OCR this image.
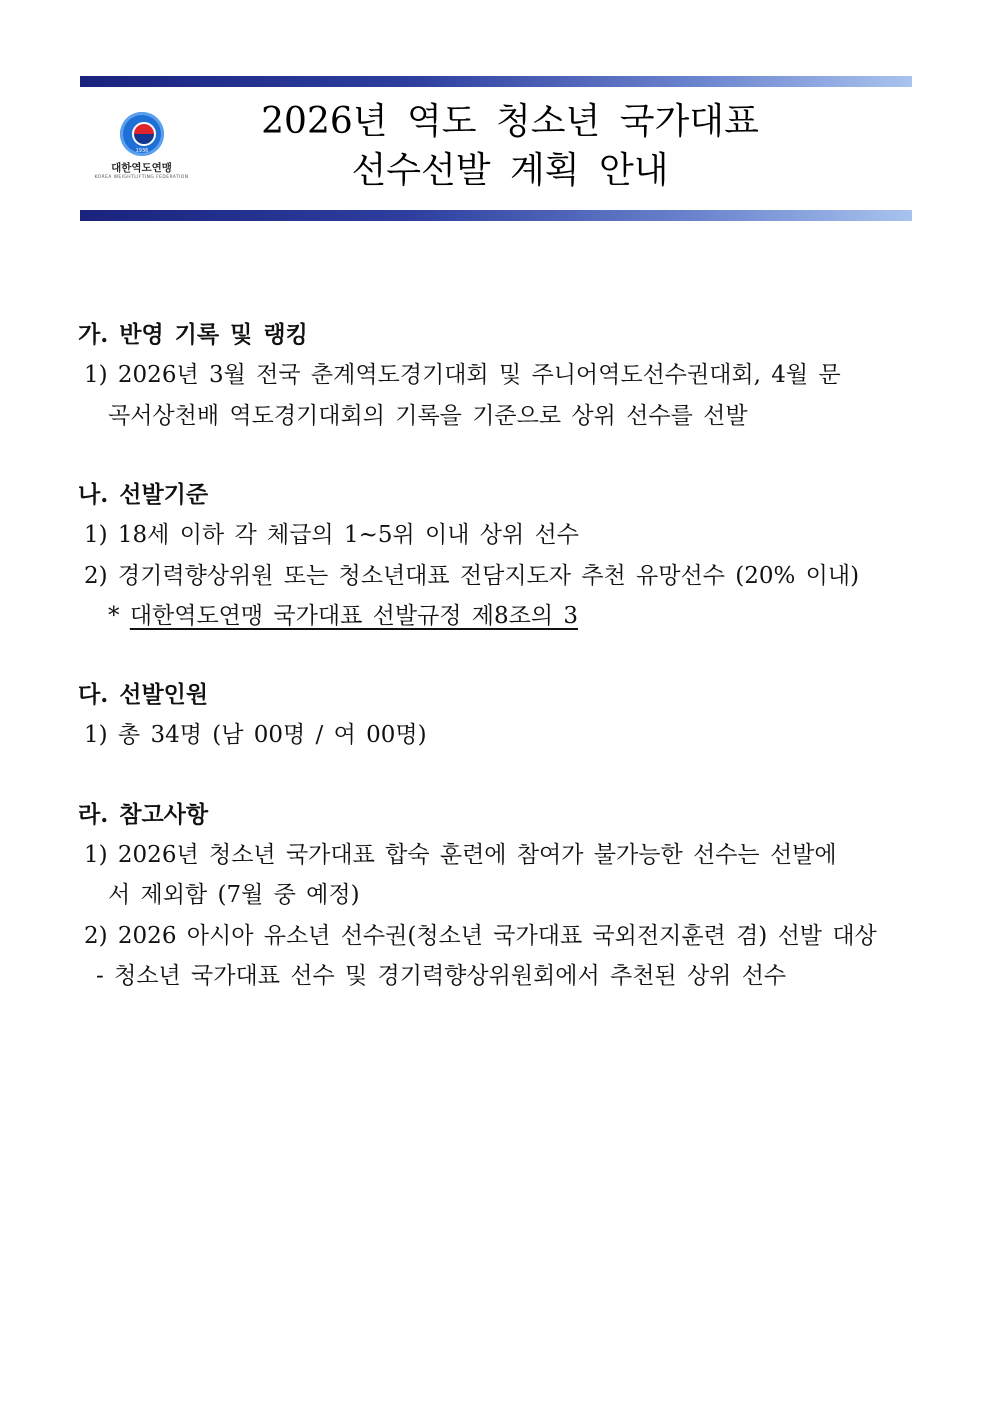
1936
대한역도연맹
KOREA WEIGHTLIFTING FEDERATION
2026년 역도 청소년 국가대표
선수선발 계획 안내
가. 반영 기록 및 랭킹
1) 2026년 3월 전국 춘계역도경기대회 및 주니어역도선수권대회, 4월 문
곡서상천배 역도경기대회의 기록을 기준으로 상위 선수를 선발
나. 선발기준
1) 18세 이하 각 체급의 1~5위 이내 상위 선수
2) 경기력향상위원 또는 청소년대표 전담지도자 추천 유망선수 (20% 이내)
* 대한역도연맹 국가대표 선발규정 제8조의 3
다. 선발인원
1) 총 34명 (남 00명 / 여 00명)
라. 참고사항
1) 2026년 청소년 국가대표 합숙 훈련에 참여가 불가능한 선수는 선발에
서 제외함 (7월 중 예정)
2) 2026 아시아 유소년 선수권(청소년 국가대표 국외전지훈련 겸) 선발 대상
- 청소년 국가대표 선수 및 경기력향상위원회에서 추천된 상위 선수
